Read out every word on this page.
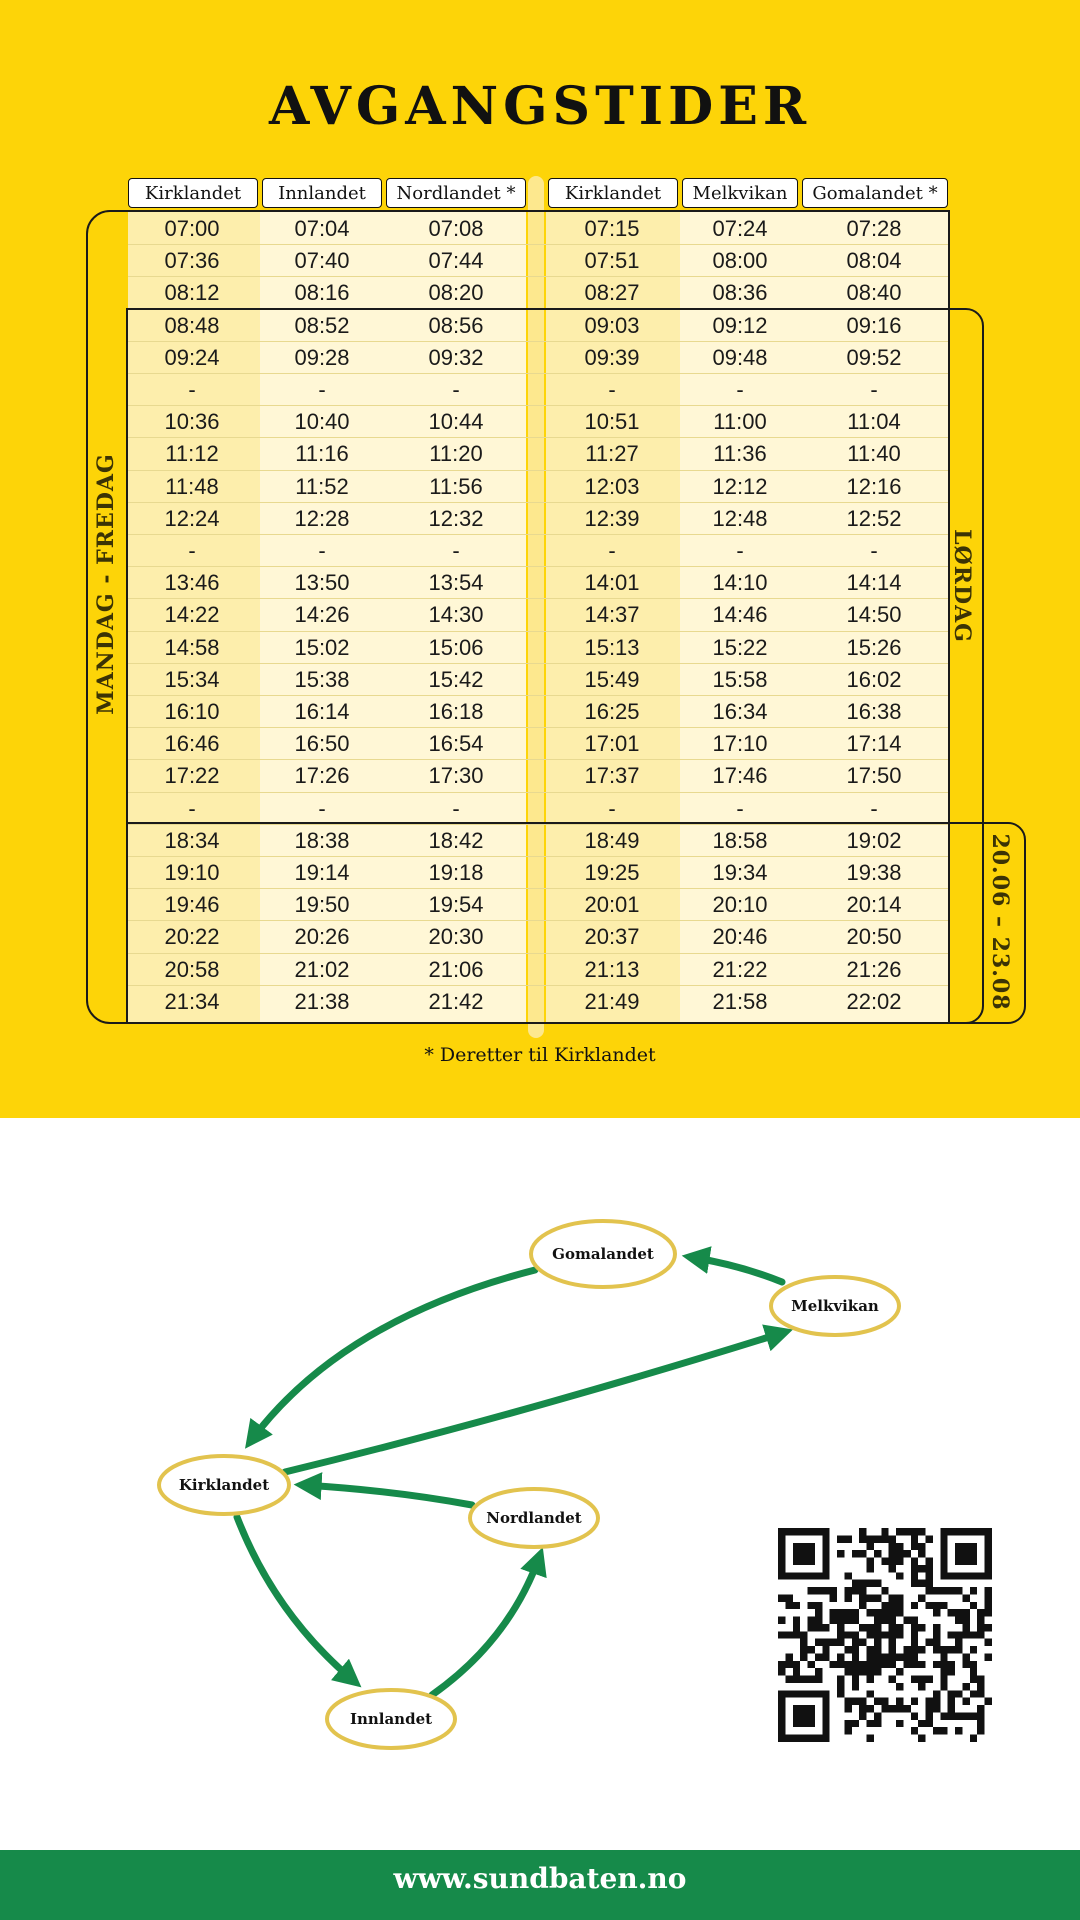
AVGANGSTIDER
Kirklandet	Innlandet	Nordlandet *	Kirklandet	Melkvikan	Gomalandet *
07:00	07:04	07:08	07:15	07:24	07:28
07:36	07:40	07:44	07:51	08:00	08:04
08:12	08:16	08:20	08:27	08:36	08:40
08:48	08:52	08:56	09:03	09:12	09:16
09:24	09:28	09:32	09:39	09:48	09:52
-	-	-	-	-	-
10:36	10:40	10:44	10:51	11:00	11:04
11:12	11:16	11:20	11:27	11:36	11:40
11:48	11:52	11:56	12:03	12:12	12:16
12:24	12:28	12:32	12:39	12:48	12:52
-	-	-	-	-	-
13:46	13:50	13:54	14:01	14:10	14:14
14:22	14:26	14:30	14:37	14:46	14:50
14:58	15:02	15:06	15:13	15:22	15:26
15:34	15:38	15:42	15:49	15:58	16:02
16:10	16:14	16:18	16:25	16:34	16:38
16:46	16:50	16:54	17:01	17:10	17:14
17:22	17:26	17:30	17:37	17:46	17:50
-	-	-	-	-	-
18:34	18:38	18:42	18:49	18:58	19:02
19:10	19:14	19:18	19:25	19:34	19:38
19:46	19:50	19:54	20:01	20:10	20:14
20:22	20:26	20:30	20:37	20:46	20:50
20:58	21:02	21:06	21:13	21:22	21:26
21:34	21:38	21:42	21:49	21:58	22:02
MANDAG - FREDAG	LØRDAG
20.06 – 23.08
* Deretter til Kirklandet
Gomalandet
Melkvikan
Kirklandet
Nordlandet
Innlandet
www.sundbaten.no
